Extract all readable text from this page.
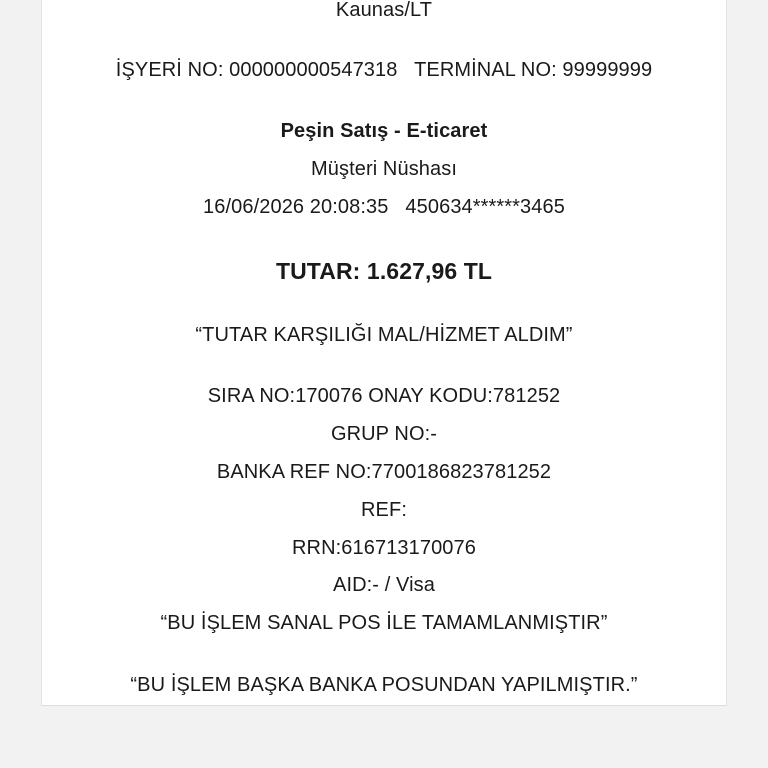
Kaunas/LT
İŞYERİ NO: 000000000547318   TERMİNAL NO: 99999999
Peşin Satış - E-ticaret
Müşteri Nüshası
16/06/2026 20:08:35   450634******3465
TUTAR: 1.627,96 TL
“TUTAR KARŞILIĞI MAL/HİZMET ALDIM”
SIRA NO:170076 ONAY KODU:781252
GRUP NO:-
BANKA REF NO:7700186823781252
REF:
RRN:616713170076
AID:- / Visa
“BU İŞLEM SANAL POS İLE TAMAMLANMIŞTIR”
“BU İŞLEM BAŞKA BANKA POSUNDAN YAPILMIŞTIR.”
